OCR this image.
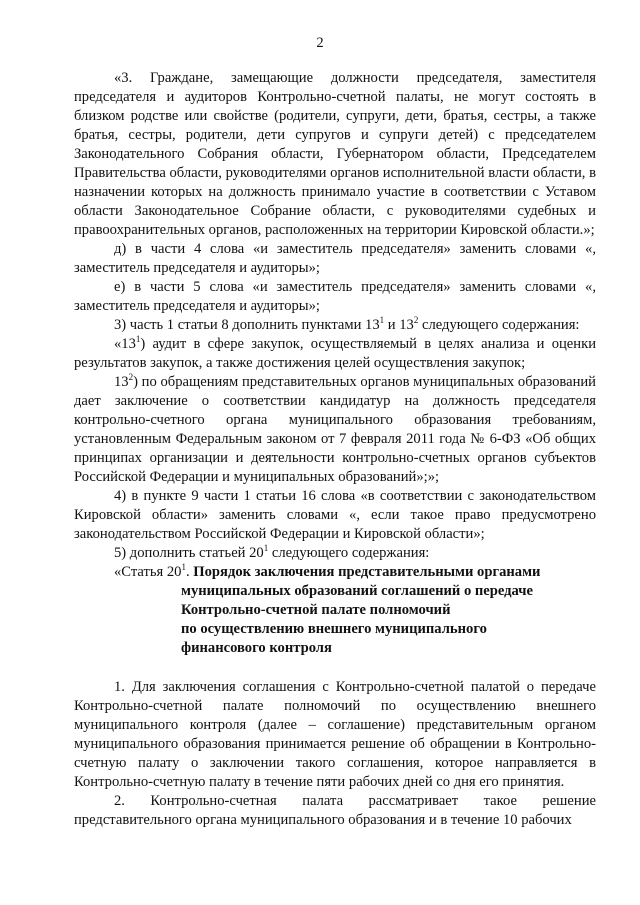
2

«3. Граждане, замещающие должности председателя, заместителя председателя и аудиторов Контрольно-счетной палаты, не могут состоять в близком родстве или свойстве (родители, супруги, дети, братья, сестры, а также братья, сестры, родители, дети супругов и супруги детей) с председателем Законодательного Собрания области, Губернатором области, Председателем Правительства области, руководителями органов исполнительной власти области, в назначении которых на должность принимало участие в соответствии с Уставом области Законодательное Собрание области, с руководителями судебных и правоохранительных органов, расположенных на территории Кировской области.»;

д) в части 4 слова «и заместитель председателя» заменить словами «, заместитель председателя и аудиторы»;

е) в части 5 слова «и заместитель председателя» заменить словами «, заместитель председателя и аудиторы»;

3) часть 1 статьи 8 дополнить пунктами $13^1$ и $13^2$ следующего содержания:

«$13^1$) аудит в сфере закупок, осуществляемый в целях анализа и оценки результатов закупок, а также достижения целей осуществления закупок;

$13^2$) по обращениям представительных органов муниципальных образований дает заключение о соответствии кандидатур на должность председателя контрольно-счетного органа муниципального образования требованиям, установленным Федеральным законом от 7 февраля 2011 года № 6-ФЗ «Об общих принципах организации и деятельности контрольно-счетных органов субъектов Российской Федерации и муниципальных образований»;»;

4) в пункте 9 части 1 статьи 16 слова «в соответствии с законодательством Кировской области» заменить словами «, если такое право предусмотрено законодательством Российской Федерации и Кировской области»;

5) дополнить статьей $20^1$ следующего содержания:

«Статья $20^1$. Порядок заключения представительными органами
муниципальных образований соглашений о передаче
Контрольно-счетной палате полномочий
по осуществлению внешнего муниципального
финансового контроля

1. Для заключения соглашения с Контрольно-счетной палатой о передаче Контрольно-счетной палате полномочий по осуществлению внешнего муниципального контроля (далее – соглашение) представительным органом муниципального образования принимается решение об обращении в Контрольно-счетную палату о заключении такого соглашения, которое направляется в Контрольно-счетную палату в течение пяти рабочих дней со дня его принятия.

2. Контрольно-счетная палата рассматривает такое решение представительного органа муниципального образования и в течение 10 рабочих
